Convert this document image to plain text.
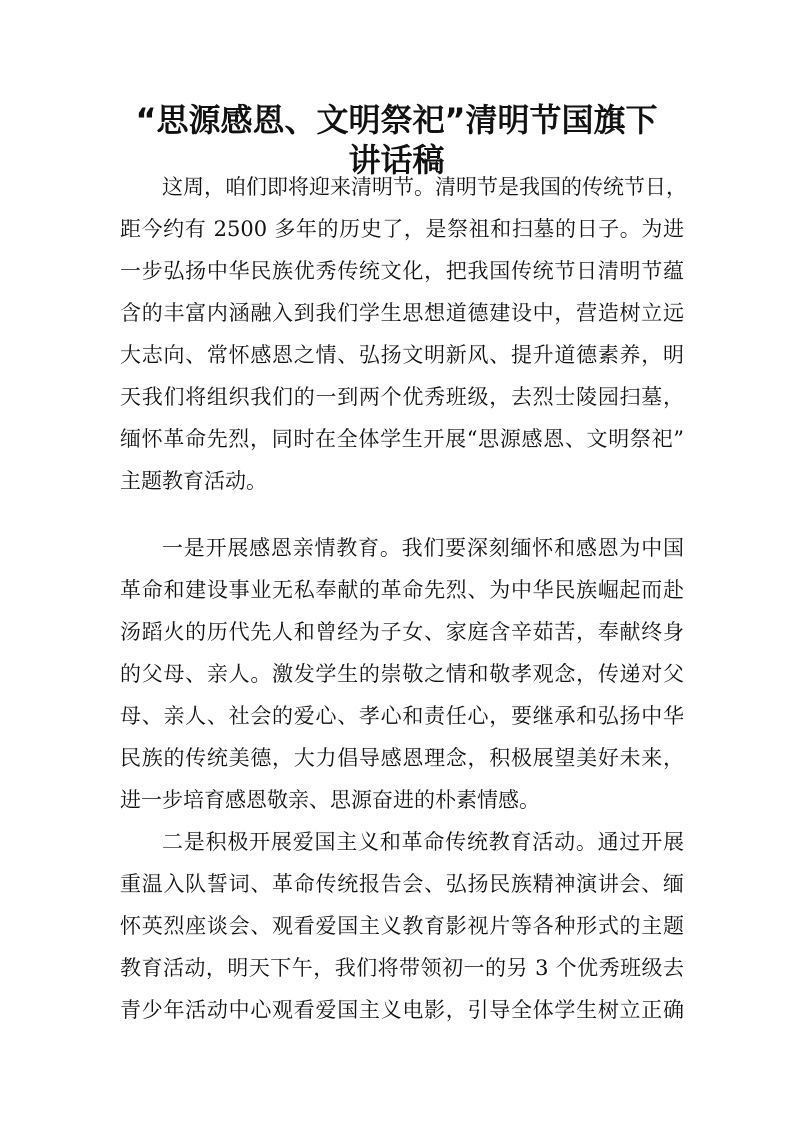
“思源感恩、文明祭祀”清明节国旗下
讲话稿
这周，咱们即将迎来清明节。清明节是我国的传统节日，
距今约有 2500 多年的历史了，是祭祖和扫墓的日子。为进
一步弘扬中华民族优秀传统文化，把我国传统节日清明节蕴
含的丰富内涵融入到我们学生思想道德建设中，营造树立远
大志向、常怀感恩之情、弘扬文明新风、提升道德素养，明
天我们将组织我们的一到两个优秀班级，去烈士陵园扫墓，
缅怀革命先烈，同时在全体学生开展“思源感恩、文明祭祀”
主题教育活动。
一是开展感恩亲情教育。我们要深刻缅怀和感恩为中国
革命和建设事业无私奉献的革命先烈、为中华民族崛起而赴
汤蹈火的历代先人和曾经为子女、家庭含辛茹苦，奉献终身
的父母、亲人。激发学生的崇敬之情和敬孝观念，传递对父
母、亲人、社会的爱心、孝心和责任心，要继承和弘扬中华
民族的传统美德，大力倡导感恩理念，积极展望美好未来，
进一步培育感恩敬亲、思源奋进的朴素情感。
二是积极开展爱国主义和革命传统教育活动。通过开展
重温入队誓词、革命传统报告会、弘扬民族精神演讲会、缅
怀英烈座谈会、观看爱国主义教育影视片等各种形式的主题
教育活动，明天下午，我们将带领初一的另 3 个优秀班级去
青少年活动中心观看爱国主义电影，引导全体学生树立正确
